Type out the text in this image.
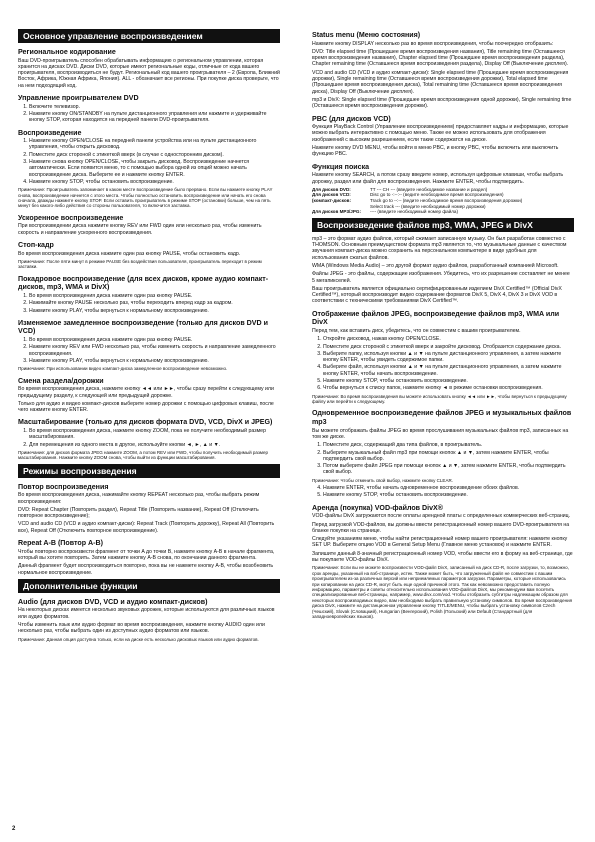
Основное управление воспроизведением
Региональное кодирование
Ваш DVD-проигрыватель способен обрабатывать информацию о региональном управлении, которая хранится на дисках DVD. Диски DVD, которые имеют региональные коды, отличные от кода вашего проигрывателя, воспроизводиться не будут. Региональный код вашего проигрывателя – 2 (Европа, Ближний Восток, Африка, Южная Африка, Япония). ALL - обозначает все регионы. При покупке диска проверьте, что на нем подходящий код.
Управление проигрывателем DVD
1. Включите телевизор.
2. Нажмите кнопку ON/STANDBY на пульте дистанционного управления или нажмите и удерживайте кнопку STOP, которая находится на передней панели DVD-проигрывателя.
Воспроизведение
1. Нажмите кнопку OPEN/CLOSE на передней панели устройства или на пульте дистанционного управления, чтобы открыть дисковод.
2. Поместите диск стороной с этикеткой вверх (в случае с односторонним диском).
3. Нажмите снова кнопку OPEN/CLOSE, чтобы закрыть дисковод. Воспроизведение начнется автоматически. Если появится меню, то с помощью выбора одной из опций можно начать воспроизведение диска. Выберите ее и нажмите кнопку ENTER.
4. Нажмите кнопку STOP, чтобы остановить воспроизведение.
Примечание: Проигрыватель запоминает в каком месте воспроизведение было прервано. Если вы нажмете кнопку PLAY снова, воспроизведение начнется с этого места. Чтобы полностью остановить воспроизведение или начать его снова сначала, дважды нажмите кнопку STOP. Если оставить проигрыватель в режиме STOP (остановки) больше, чем на пять минут без какого-либо действия со стороны пользователя, то включится заставка.
Ускоренное воспроизведение
При воспроизведении диска нажмите кнопку REV или FWD один или несколько раз, чтобы изменить скорость и направление ускоренного воспроизведения.
Стоп-кадр
Во время воспроизведения диска нажмите один раз кнопку PAUSE, чтобы остановить кадр.
Примечание: После пяти минут в режиме PAUSE без воздействия пользователя, проигрыватель переходит в режим заставки.
Покадровое воспроизведение (для всех дисков, кроме аудио компакт-дисков, mp3, WMA и DivX)
1. Во время воспроизведения диска нажмите один раз кнопку PAUSE.
2. Нажимайте кнопку PAUSE несколько раз, чтобы переходить вперед кадр за кадром.
3. Нажмите кнопку PLAY, чтобы вернуться к нормальному воспроизведению.
Изменяемое замедленное воспроизведение (только для дисков DVD и VCD)
1. Во время воспроизведения диска нажмите один раз кнопку PAUSE.
2. Нажмите кнопку REV или FWD несколько раз, чтобы изменить скорость и направление замедленного воспроизведения.
3. Нажмите кнопку PLAY, чтобы вернуться к нормальному воспроизведению.
Примечание: При использовании видео компакт-диска замедленное воспроизведение невозможно.
Смена раздела/дорожки
Во время воспроизведения диска, нажмите кнопку ◄◄ или ►►, чтобы сразу перейти к следующему или предыдущему разделу, к следующей или предыдущей дорожке.
Только для аудио и видео компакт-дисков выберите номер дорожки с помощью цифровых клавиш, после чего нажмите кнопку ENTER.
Масштабирование (только для дисков формата DVD, VCD, DivX и JPEG)
1. Во время воспроизведения диска, нажмите кнопку ZOOM, пока не получите необходимый размер масштабирования.
2. Для перемещения из одного места в другое, используйте кнопки ◄, ►, ▲ и ▼.
Примечание: для дисков формата JPEG нажмите ZOOM, а потом REV или FWD, чтобы получить необходимый размер масштабирования. Нажмите кнопку ZOOM снова, чтобы выйти из функции масштабирования.
Режимы воспроизведения
Повтор воспроизведения
Во время воспроизведения диска, нажимайте кнопку REPEAT несколько раз, чтобы выбрать режим воспроизведения:
DVD: Repeat Chapter (Повторить раздел), Repeat Title (Повторить название), Repeat Off (Отключить повторное воспроизведение);
VCD and audio CD (VCD и аудио компакт-диски): Repeat Track (Повторить дорожку), Repeat All (Повторить все), Repeat Off (Отключить повторное воспроизведение).
Repeat A-B (Повтор A-B)
Чтобы повторно воспроизвести фрагмент от точки A до точки B, нажмите кнопку A-B в начале фрагмента, который вы хотите повторить. Затем нажмите кнопку A-B снова, по окончании данного фрагмента.
Данный фрагмент будет воспроизводиться повторно, пока вы не нажмете кнопку A-B, чтобы возобновить нормальное воспроизведение.
Дополнительные функции
Audio (для дисков DVD, VCD и аудио компакт-дисков)
На некоторых дисках имеется несколько звуковых дорожек, которые используются для различных языков или аудио форматов.
Чтобы изменить язык или аудио формат во время воспроизведения, нажмите кнопку AUDIO один или несколько раз, чтобы выбрать один из доступных аудио форматов или языков.
Примечание: Данная опция доступна только, если на диске есть несколько дисковых языков или аудио форматов.
Status menu (Меню состояния)
Нажмите кнопку DISPLAY несколько раз во время воспроизведения, чтобы поочередно отобразить:
DVD: Title elapsed time (Прошедшее время воспроизведения названия), Title remaining time (Оставшееся время воспроизведения названия), Chapter elapsed time (Прошедшее время воспроизведения раздела), Chapter remaining time (Оставшееся время воспроизведения раздела), Display Off (Выключение дисплея).
VCD and audio CD (VCD и аудио компакт-диски): Single elapsed time (Прошедшее время воспроизведения дорожки), Single remaining time (Оставшееся время воспроизведения дорожки), Total elapsed time (Прошедшее время воспроизведения диска), Total remaining time (Оставшееся время воспроизведения диска), Display Off (Выключение дисплея).
mp3 и DivX: Single elapsed time (Прошедшее время воспроизведения одной дорожки), Single remaining time (Оставшееся время воспроизведения дорожки).
PBC (для дисков VCD)
Функция PlayBack Control (Управление воспроизведением) предоставляет кадры и информацию, которые можно выбрать интерактивно с помощью меню. Также ее можно использовать для отображения изображений с высоким разрешением, если такие содержатся на диске.
Нажмите кнопку DVD MENU, чтобы войти в меню PBC, и кнопку PBC, чтобы включить или выключить функцию PBC.
Функция поиска
Нажмите кнопку SEARCH, а потом сразу введите номер, используя цифровые клавиши, чтобы выбрать дорожку, раздел или файл для воспроизведения. Нажмите ENTER, чтобы подтвердить.
Для дисков DVD:	TT --- CH --- (введите необходимое название и раздел)
Для дисков VCD:	Disc go to -:--:-- (ведите необходимое время воспроизведения)
(компакт-дисков:	Track go to --:-- (ведите необходимое время воспроизведения дорожки)
	Select track --- (введите необходимый номер дорожки)
Для дисков MP3/JPG:	---- (введите необходимый номер файла)
Воспроизведение файлов mp3, WMA, JPEG и DivX
mp3 – это формат аудио файлов, который сжимает записанную музыку. Он был разработан совместно с THOMSON. Основным преимуществом формата mp3 является то, что музыкальные данные с качеством звучания компакт-диска можно сохранить на персональном компьютере в виде удобных для использования сжатых файлов.
WMA (Windows Media Audio) – это другой формат аудио файлов, разработанный компанией Microsoft.
Файлы JPEG - это файлы, содержащие изображения. Убедитесь, что их разрешение составляет не менее 5 мегапикселей.
Ваш проигрыватель является официально сертифицированным изделием DivX Certified™ (Official DivX Certified™), который воспроизводит видео содержание форматов DivX 5, DivX 4, DivX 3 и DivX VOD в соответствии с техническими требованиями DivX Certified™.
Отображение файлов JPEG, воспроизведение файлов mp3, WMA или DivX
Перед тем, как вставить диск, убедитесь, что он совместим с вашим проигрывателем.
1. Откройте дисковод, нажав кнопку OPEN/CLOSE.
2. Поместите диск стороной с этикеткой вверх и закройте дисковод. Отобразится содержание диска.
3. Выберите папку, используя кнопки ▲ и ▼ на пульте дистанционного управления, а затем нажмите кнопку ENTER, чтобы увидеть содержимое папки.
4. Выберите файл, используя кнопки ▲ и ▼ на пульте дистанционного управления, а затем нажмите кнопку ENTER, чтобы начать воспроизведение.
5. Нажмите кнопку STOP, чтобы остановить воспроизведение.
6. Чтобы вернуться к списку папок, нажмите кнопку ◄ в режиме остановки воспроизведения.
Примечание: Во время воспроизведения вы можете использовать кнопку ◄◄ или ►►, чтобы вернуться к предыдущему файлу или перейти к следующему.
Одновременное воспроизведение файлов JPEG и музыкальных файлов mp3
Вы можете отображать файлы JPEG во время прослушивания музыкальных файлов mp3, записанных на том же диске.
1. Поместите диск, содержащий два типа файлов, в проигрыватель.
2. Выберите музыкальный файл mp3 при помощи кнопок ▲ и ▼, затем нажмите ENTER, чтобы подтвердить свой выбор.
3. Потом выберите файл JPEG при помощи кнопок ▲ и ▼, затем нажмите ENTER, чтобы подтвердить свой выбор.
Примечание: Чтобы отменить свой выбор, нажмите кнопку CLEAR.
4. Нажмите ENTER, чтобы начать одновременное воспроизведение обоих файлов.
5. Нажмите кнопку STOP, чтобы остановить воспроизведение.
Аренда (покупка) VOD-файлов DivX®
VOD-файлы DivX загружаются после оплаты арендной платы с определенных коммерческих веб-страниц.
Перед загрузкой VOD-файлов, вы должны ввести регистрационный номер вашего DVD-проигрывателя на бланке покупки на странице.
Следуйте указаниям меню, чтобы найти регистрационный номер вашего проигрывателя: нажмите кнопку SET UP. Выберите опцию VOD в General Setup Menu (Главное меню установок) и нажмите ENTER.
Запишите данный 8-значный регистрационный номер VOD, чтобы ввести его в форму на веб-странице, где вы покупаете VOD-файлы DivX.
Примечание: Если вы не можете воспроизвести VOD-файл DivX, записанный на диск CD-R, после загрузки, то, возможно, срок аренды, указанный на вэб-странице, истек. Также может быть, что загруженный файл не совместим с вашим проигрывателем из-за различных версий или неприемлемых параметров загрузки. Параметры, которые использовались при копировании на диск CD-R, могут быть еще одной причиной этого. Так как невозможно предоставить полную информацию, параметры и советы относительно использования VOD-файлов DivX, мы рекомендуем вам посетить специализированные веб-страницы, например, www.divx.com/vod. Чтобы отобразить субтитры надлежащим образом для некоторых воспроизводимых видео, вам необходимо выбрать правильную установку символов. Во время воспроизведения диска DivX, нажмите на дистанционном управлении кнопку TITLE/MENU, чтобы выбрать установку символов Czech (Чешский), Slovak (Словацкий), Hungarian (Венгерский), Polish (Польский) или Default (Стандартный (для западноевропейских языков).
2
